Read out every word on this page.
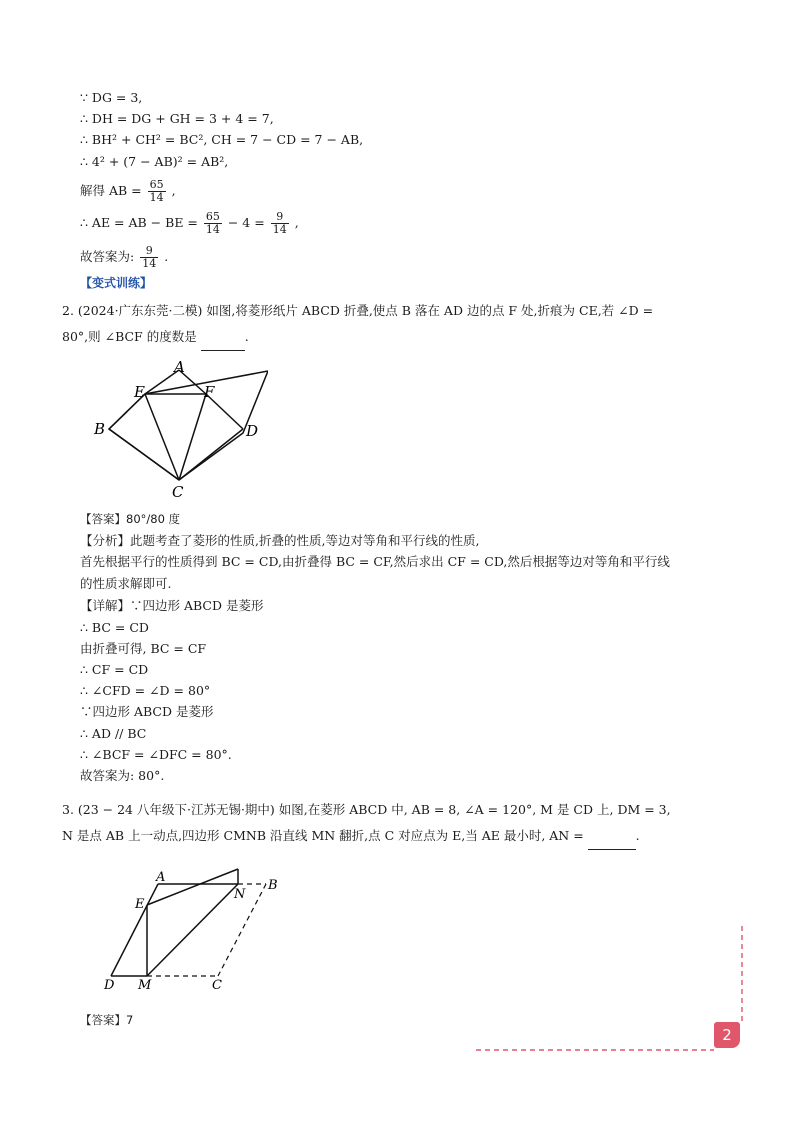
∵ DG = 3,
∴ DH = DG + GH = 3 + 4 = 7,
∴ BH² + CH² = BC², CH = 7 − CD = 7 − AB,
∴ 4² + (7 − AB)² = AB²,
解得 AB = $\frac{65}{14}$ ,
∴ AE = AB − BE = $\frac{65}{14} - 4 = \frac{9}{14}$ ,
故答案为: $\frac{9}{14}$ .
【变式训练】
2. (2024·广东东莞·二模) 如图,将菱形纸片 ABCD 折叠,使点 B 落在 AD 边的点 F 处,折痕为 CE,若 ∠D =
80°,则 ∠BCF 的度数是	.
A
E	F
B	D
C
【答案】80°/80 度
【分析】此题考查了菱形的性质,折叠的性质,等边对等角和平行线的性质,
首先根据平行的性质得到 BC = CD,由折叠得 BC = CF,然后求出 CF = CD,然后根据等边对等角和平行线
的性质求解即可.
【详解】∵四边形 ABCD 是菱形
∴ BC = CD
由折叠可得, BC = CF
∴ CF = CD
∴ ∠CFD = ∠D = 80°
∵四边形 ABCD 是菱形
∴ AD // BC
∴ ∠BCF = ∠DFC = 80°.
故答案为: 80°.
3. (23 − 24 八年级下·江苏无锡·期中) 如图,在菱形 ABCD 中, AB = 8, ∠A = 120°, M 是 CD 上, DM = 3,
N 是点 AB 上一动点,四边形 CMNB 沿直线 MN 翻折,点 C 对应点为 E,当 AE 最小时, AN =	.
A
E
N
B
D M	C
【答案】7
2
